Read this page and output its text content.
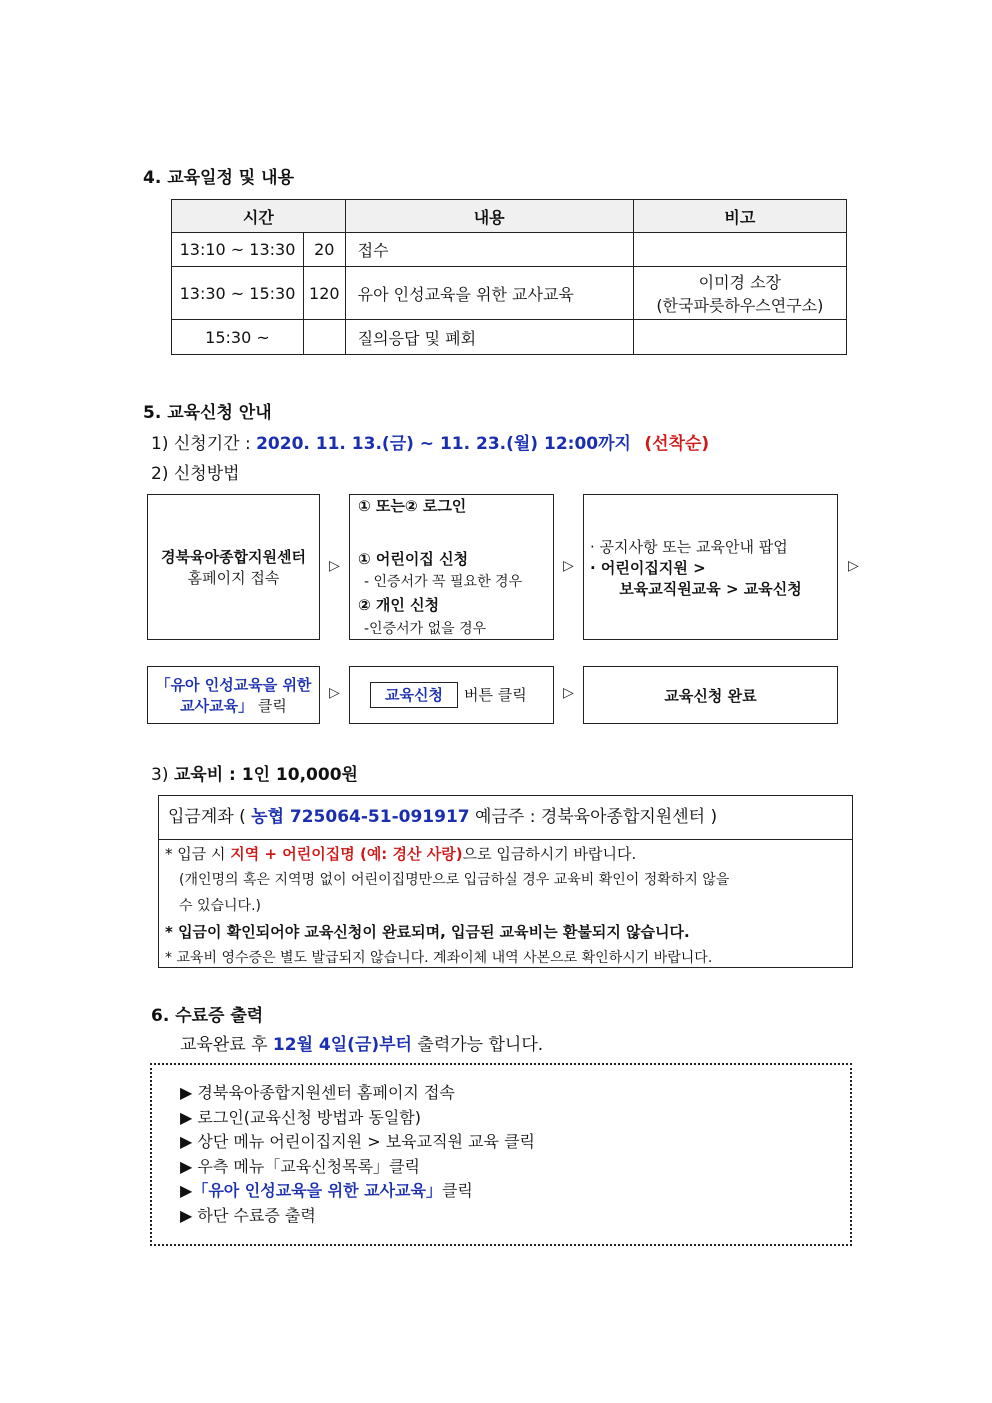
4. 교육일정 및 내용
시간		내용	비고
13:10 ~ 13:30	20	접수	
13:30 ~ 15:30	120	유아 인성교육을 위한 교사교육	이미경 소장
(한국파릇하우스연구소)

15:30 ~		질의응답 및 폐회	
5. 교육신청 안내
1) 신청기간 : 2020. 11. 13.(금) ~ 11. 23.(월) 12:00까지 (선착순)
2) 신청방법
경북육아종합지원센터
홈페이지 접속
▷
① 또는② 로그인
① 어린이집 신청
- 인증서가 꼭 필요한 경우
② 개인 신청
-인증서가 없을 경우
▷
· 공지사항 또는 교육안내 팝업
· 어린이집지원 >
보육교직원교육 > 교육신청
▷
「유아 인성교육을 위한
교사교육」 클릭
▷	교육신청	버튼 클릭	▷	교육신청 완료
3) 교육비 : 1인 10,000원
입금계좌 ( 농협 725064-51-091917 예금주 : 경북육아종합지원센터 )
* 입금 시 지역 + 어린이집명 (예: 경산 사랑)으로 입금하시기 바랍니다.
(개인명의 혹은 지역명 없이 어린이집명만으로 입금하실 경우 교육비 확인이 정확하지 않을
수 있습니다.)
* 입금이 확인되어야 교육신청이 완료되며, 입금된 교육비는 환불되지 않습니다.
* 교육비 영수증은 별도 발급되지 않습니다. 계좌이체 내역 사본으로 확인하시기 바랍니다.
6. 수료증 출력
교육완료 후 12월 4일(금)부터 출력가능 합니다.
▶ 경북육아종합지원센터 홈페이지 접속
▶ 로그인(교육신청 방법과 동일함)
▶ 상단 메뉴 어린이집지원 > 보육교직원 교육 클릭
▶ 우측 메뉴「교육신청목록」클릭
▶「유아 인성교육을 위한 교사교육」클릭
▶ 하단 수료증 출력
